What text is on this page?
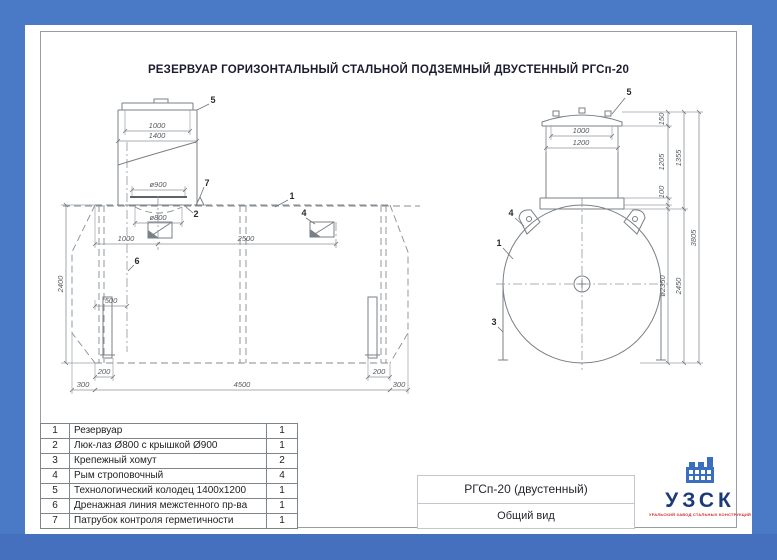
РЕЗЕРВУАР ГОРИЗОНТАЛЬНЫЙ СТАЛЬНОЙ ПОДЗЕМНЫЙ ДВУСТЕННЫЙ РГСп-20
1000
1400
ø900
ø800
1000	2500
2400
500
200	200
300	4500	300
5
7
2
1
4
6
1000
1200
150
1205
100
ø2350
1355
2450
3805
5
4
1
3
1	Резервуар	1
2	Люк-лаз Ø800 с крышкой Ø900	1
3	Крепежный хомут	2
4	Рым строповочный	4
5	Технологический колодец 1400х1200	1
6	Дренажная линия межстенного пр-ва	1
7	Патрубок контроля герметичности	1
РГСп-20 (двустенный)
Общий вид
УЗСК
УРАЛЬСКИЙ ЗАВОД СТАЛЬНЫХ КОНСТРУКЦИЙ
